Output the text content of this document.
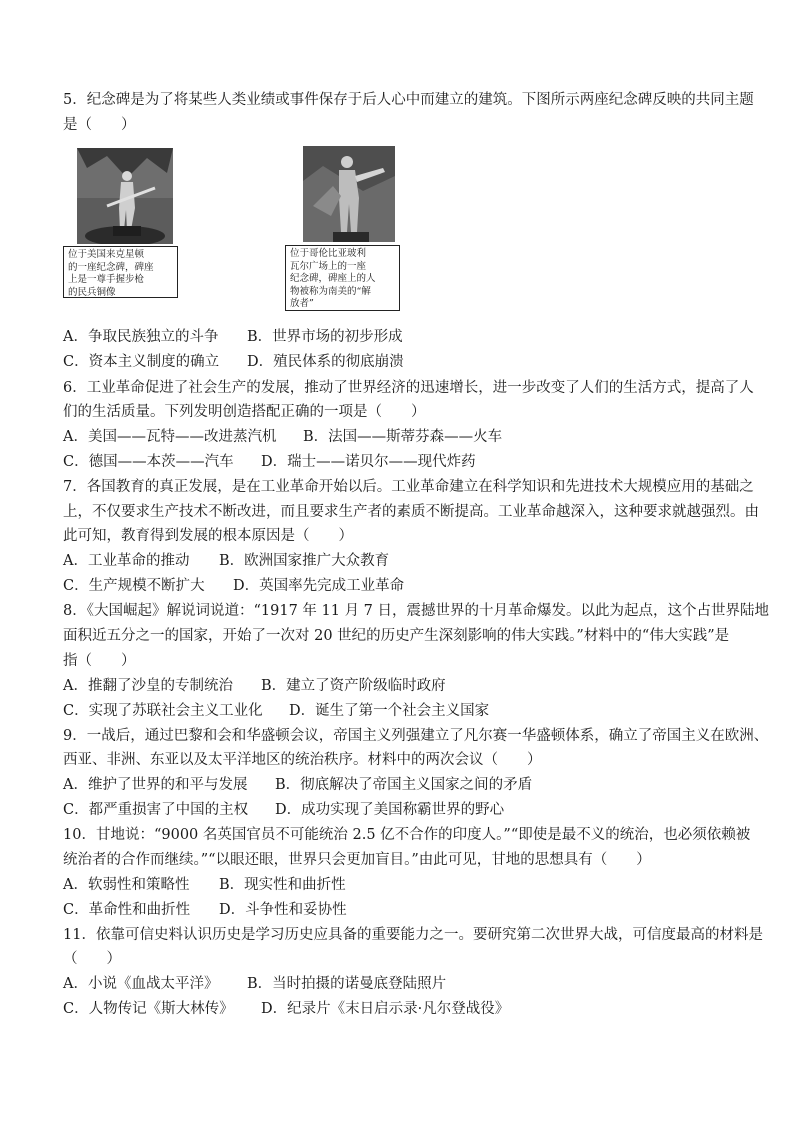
5．纪念碑是为了将某些人类业绩或事件保存于后人心中而建立的建筑。下图所示两座纪念碑反映的共同主题
是（　　）
位于美国来克星顿
的一座纪念碑，碑座
上是一尊手握步枪
的民兵铜像
位于哥伦比亚玻利
瓦尔广场上的一座
纪念碑，碑座上的人
物被称为南美的“解
放者”
A．争取民族独立的斗争 B．世界市场的初步形成
C．资本主义制度的确立 D．殖民体系的彻底崩溃
6．工业革命促进了社会生产的发展，推动了世界经济的迅速增长，进一步改变了人们的生活方式，提高了人
们的生活质量。下列发明创造搭配正确的一项是（　　）
A．美国——瓦特——改进蒸汽机 B．法国——斯蒂芬森——火车
C．德国——本茨——汽车 D．瑞士——诺贝尔——现代炸药
7．各国教育的真正发展，是在工业革命开始以后。工业革命建立在科学知识和先进技术大规模应用的基础之
上，不仅要求生产技术不断改进，而且要求生产者的素质不断提高。工业革命越深入，这种要求就越强烈。由
此可知，教育得到发展的根本原因是（　　）
A．工业革命的推动 B．欧洲国家推广大众教育
C．生产规模不断扩大 D．英国率先完成工业革命
8．《大国崛起》解说词说道：“1917 年 11 月 7 日，震撼世界的十月革命爆发。以此为起点，这个占世界陆地
面积近五分之一的国家，开始了一次对 20 世纪的历史产生深刻影响的伟大实践。”材料中的“伟大实践”是
指（　　）
A．推翻了沙皇的专制统治 B．建立了资产阶级临时政府
C．实现了苏联社会主义工业化 D．诞生了第一个社会主义国家
9．一战后，通过巴黎和会和华盛顿会议，帝国主义列强建立了凡尔赛一华盛顿体系，确立了帝国主义在欧洲、
西亚、非洲、东亚以及太平洋地区的统治秩序。材料中的两次会议（　　）
A．维护了世界的和平与发展 B．彻底解决了帝国主义国家之间的矛盾
C．都严重损害了中国的主权 D．成功实现了美国称霸世界的野心
10．甘地说：“9000 名英国官员不可能统治 2.5 亿不合作的印度人。”“即使是最不义的统治，也必须依赖被
统治者的合作而继续。”“以眼还眼，世界只会更加盲目。”由此可见，甘地的思想具有（　　）
A．软弱性和策略性 B．现实性和曲折性
C．革命性和曲折性 D．斗争性和妥协性
11．依靠可信史料认识历史是学习历史应具备的重要能力之一。要研究第二次世界大战，可信度最高的材料是
（　　）
A．小说《血战太平洋》 B．当时拍摄的诺曼底登陆照片
C．人物传记《斯大林传》 D．纪录片《末日启示录·凡尔登战役》
